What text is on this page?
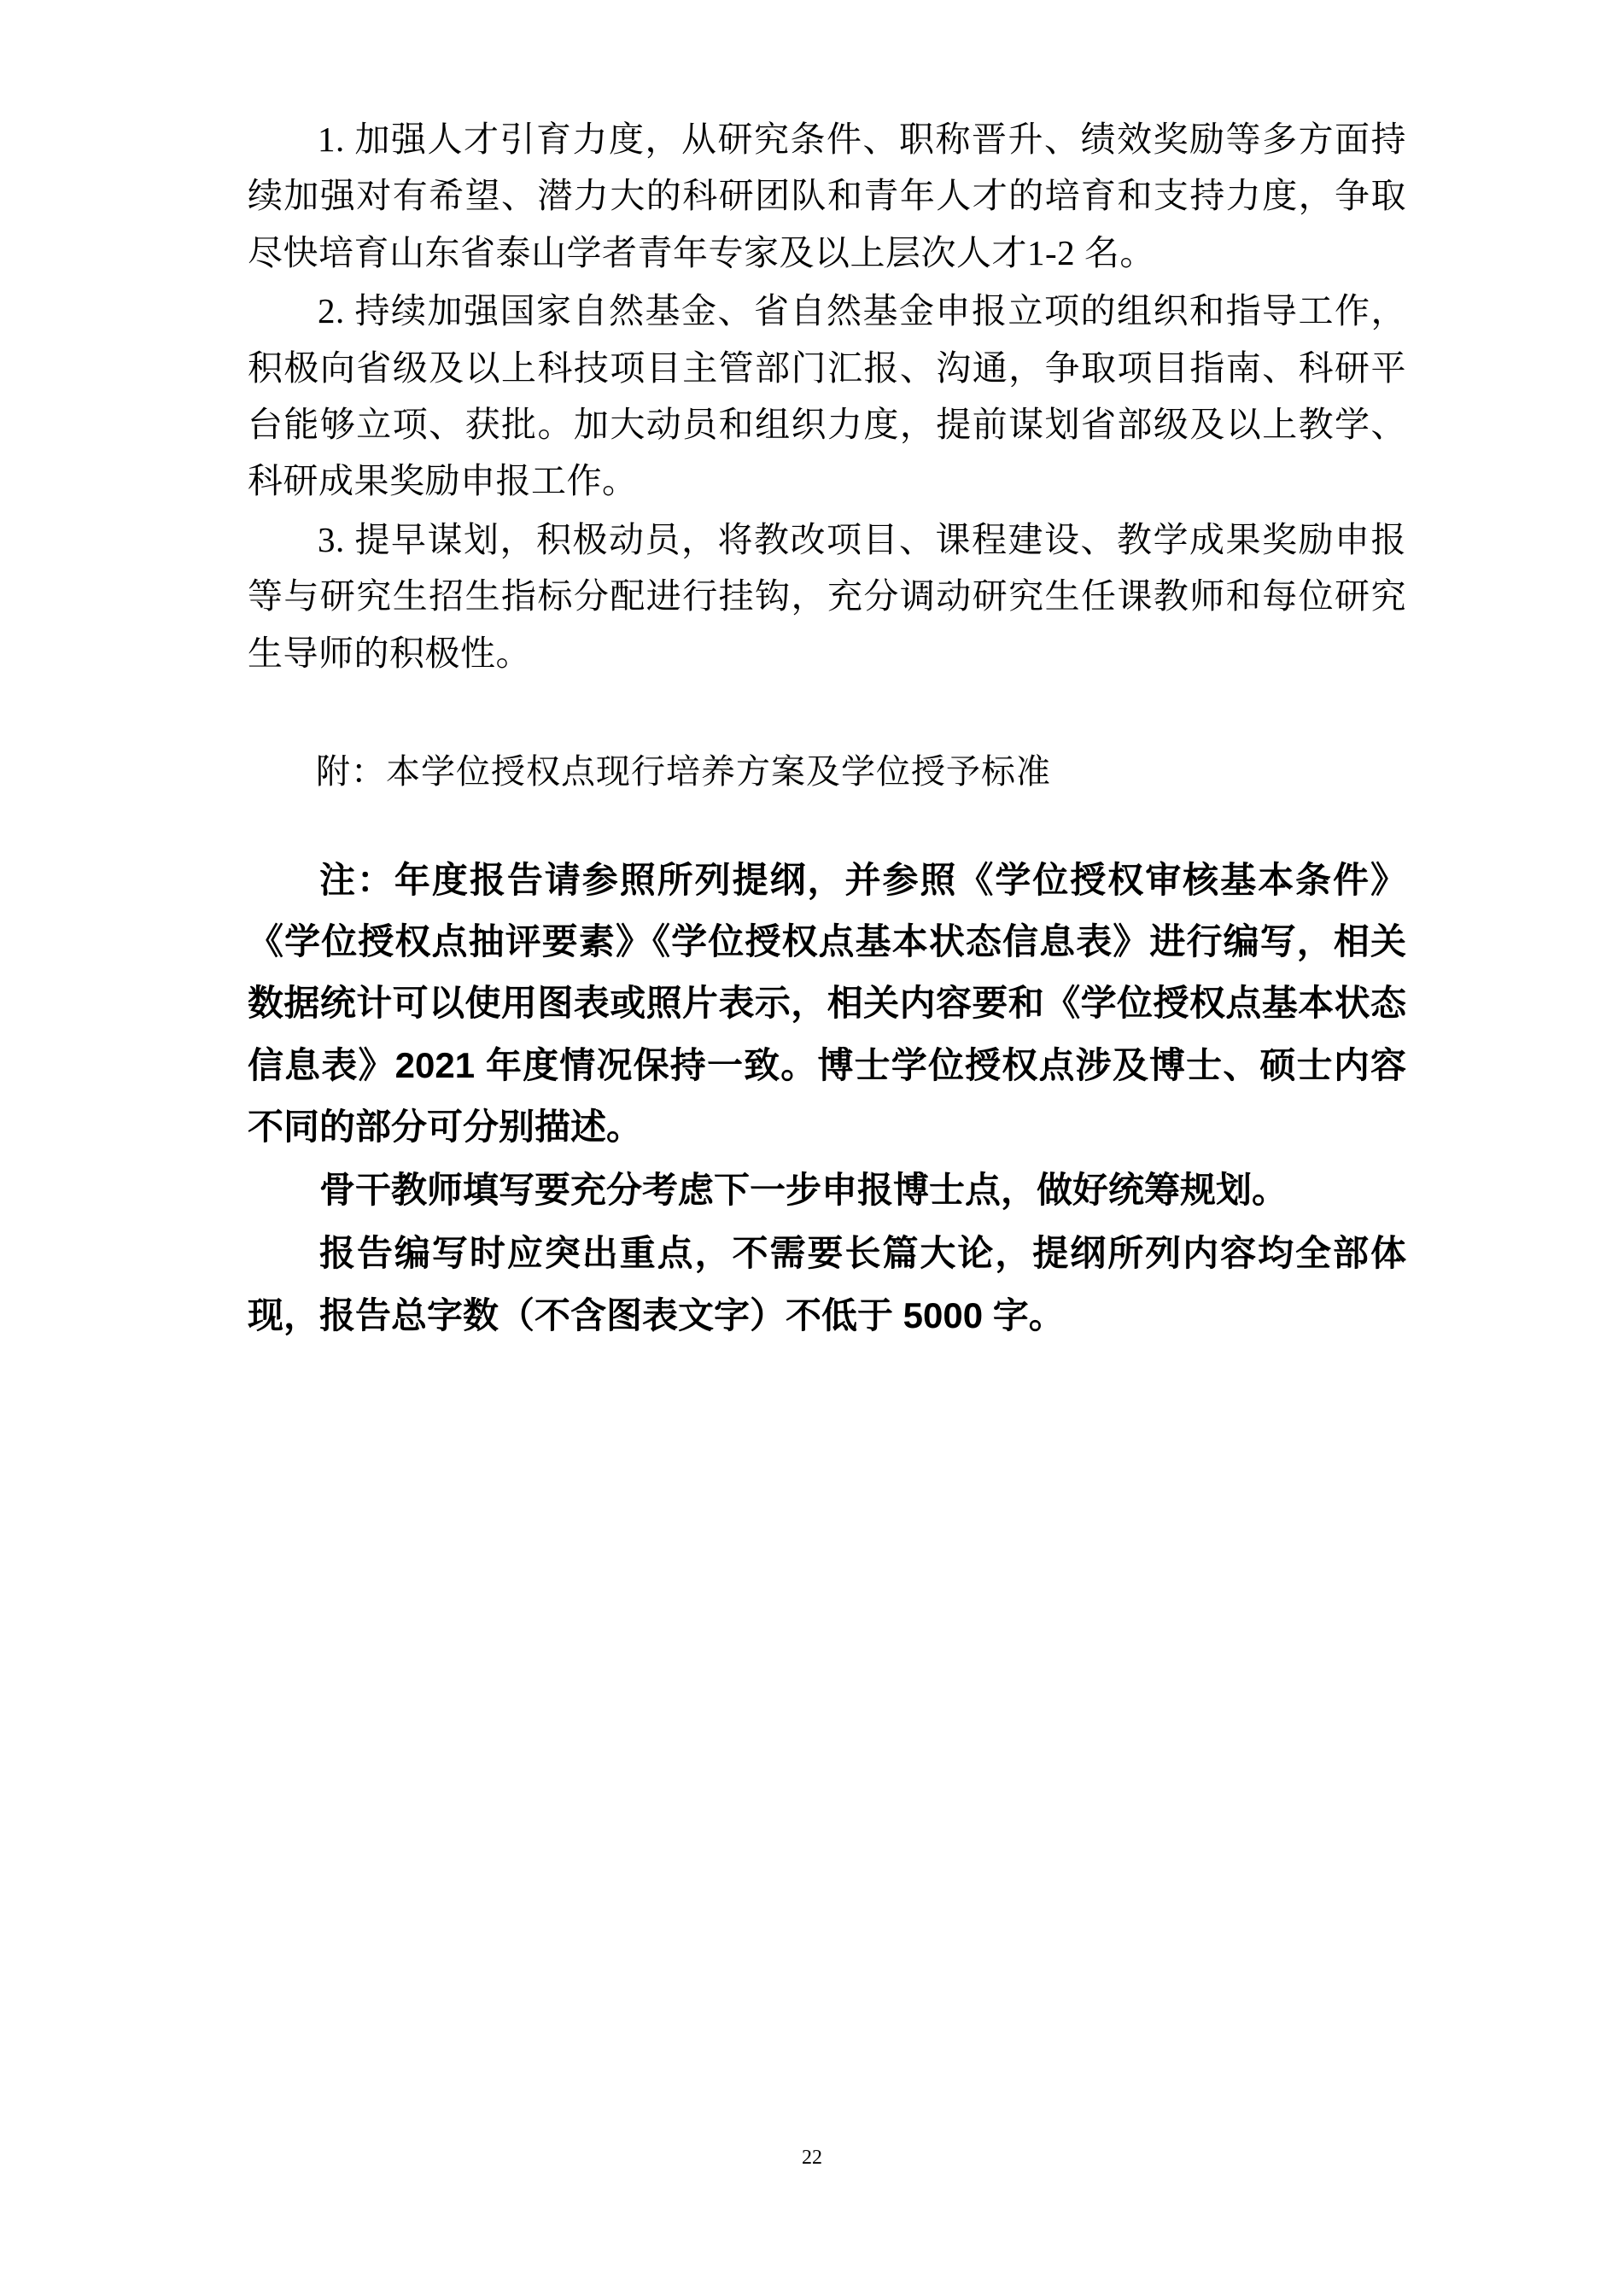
1. 加强人才引育力度，从研究条件、职称晋升、绩效奖励等多方面持续加强对有希望、潜力大的科研团队和青年人才的培育和支持力度，争取尽快培育山东省泰山学者青年专家及以上层次人才1-2 名。

2. 持续加强国家自然基金、省自然基金申报立项的组织和指导工作，积极向省级及以上科技项目主管部门汇报、沟通，争取项目指南、科研平台能够立项、获批。加大动员和组织力度，提前谋划省部级及以上教学、科研成果奖励申报工作。

3. 提早谋划，积极动员，将教改项目、课程建设、教学成果奖励申报等与研究生招生指标分配进行挂钩，充分调动研究生任课教师和每位研究生导师的积极性。

附：本学位授权点现行培养方案及学位授予标准

注：年度报告请参照所列提纲，并参照《学位授权审核基本条件》《学位授权点抽评要素》《学位授权点基本状态信息表》进行编写，相关数据统计可以使用图表或照片表示，相关内容要和《学位授权点基本状态信息表》2021 年度情况保持一致。博士学位授权点涉及博士、硕士内容不同的部分可分别描述。

骨干教师填写要充分考虑下一步申报博士点，做好统筹规划。

报告编写时应突出重点，不需要长篇大论，提纲所列内容均全部体现，报告总字数（不含图表文字）不低于 5000 字。

22
